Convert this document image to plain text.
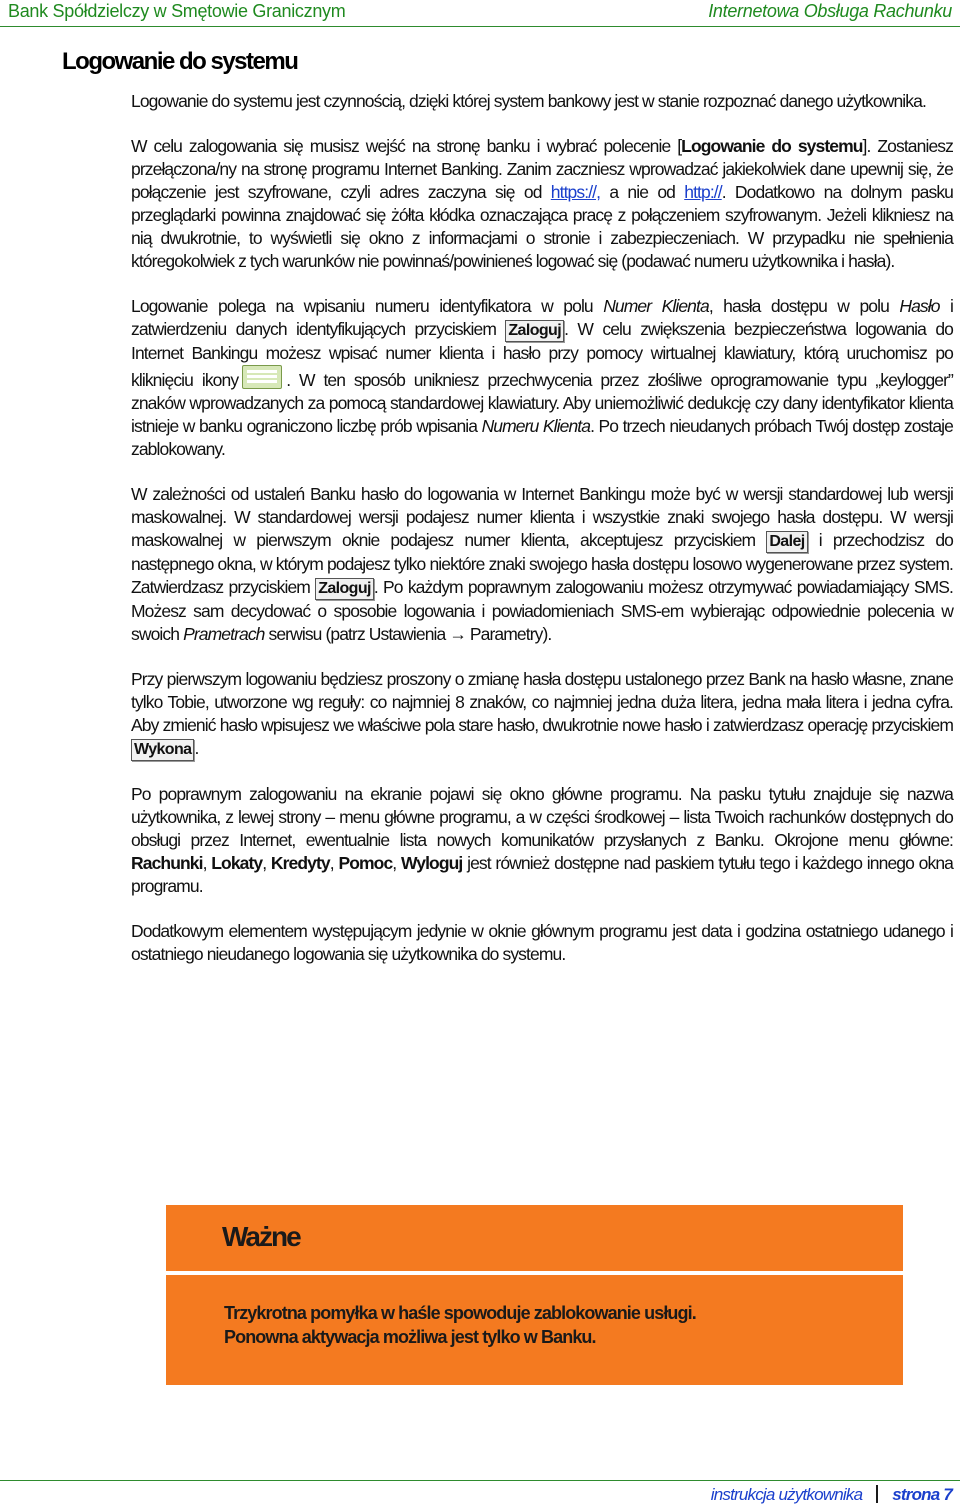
Bank Spółdzielczy w Smętowie Granicznym	Internetowa Obsługa Rachunku
Logowanie do systemu

Logowanie do systemu jest czynnością, dzięki której system bankowy jest w stanie rozpoznać danego użytkownika.

W celu zalogowania się musisz wejść na stronę banku i wybrać polecenie [Logowanie do systemu]. Zostaniesz przełączona/ny na stronę programu Internet Banking. Zanim zaczniesz wprowadzać jakiekolwiek dane upewnij się, że połączenie jest szyfrowane, czyli adres zaczyna się od https://, a nie od http://. Dodatkowo na dolnym pasku przeglądarki powinna znajdować się żółta kłódka oznaczająca pracę z połączeniem szyfrowanym. Jeżeli klikniesz na nią dwukrotnie, to wyświetli się okno z informacjami o stronie i zabezpieczeniach. W przypadku nie spełnienia któregokolwiek z tych warunków nie powinnaś/powinieneś logować się (podawać numeru użytkownika i hasła).

Logowanie polega na wpisaniu numeru identyfikatora w polu Numer Klienta, hasła dostępu w polu Hasło i zatwierdzeniu danych identyfikujących przyciskiem Zaloguj . W celu zwiększenia bezpieczeństwa logowania do Internet Bankingu możesz wpisać numer klienta i hasło przy pomocy wirtualnej klawiatury, którą uruchomisz po kliknięciu ikony	. W ten sposób unikniesz przechwycenia przez złośliwe oprogramowanie typu „keylogger” znaków wprowadzanych za pomocą standardowej klawiatury. Aby uniemożliwić dedukcję czy dany identyfikator klienta istnieje w banku ograniczono liczbę prób wpisania Numeru Klienta. Po trzech nieudanych próbach Twój dostęp zostaje zablokowany.

W zależności od ustaleń Banku hasło do logowania w Internet Bankingu może być w wersji standardowej lub wersji maskowalnej. W standardowej wersji podajesz numer klienta i wszystkie znaki swojego hasła dostępu. W wersji maskowalnej w pierwszym oknie podajesz numer klienta, akceptujesz przyciskiem Dalej i przechodzisz do następnego okna, w którym podajesz tylko niektóre znaki swojego hasła dostępu losowo wygenerowane przez system. Zatwierdzasz przyciskiem Zaloguj . Po każdym poprawnym zalogowaniu możesz otrzymywać powiadamiający SMS. Możesz sam decydować o sposobie logowania i powiadomieniach SMS-em wybierając odpowiednie polecenia w swoich Prametrach serwisu (patrz Ustawienia → Parametry).

Przy pierwszym logowaniu będziesz proszony o zmianę hasła dostępu ustalonego przez Bank na hasło własne, znane tylko Tobie, utworzone wg reguły: co najmniej 8 znaków, co najmniej jedna duża litera, jedna mała litera i jedna cyfra. Aby zmienić hasło wpisujesz we właściwe pola stare hasło, dwukrotnie nowe hasło i zatwierdzasz operację przyciskiem Wykona .

Po poprawnym zalogowaniu na ekranie pojawi się okno główne programu. Na pasku tytułu znajduje się nazwa użytkownika, z lewej strony – menu główne programu, a w części środkowej – lista Twoich rachunków dostępnych do obsługi przez Internet, ewentualnie lista nowych komunikatów przysłanych z Banku. Okrojone menu główne: Rachunki, Lokaty, Kredyty, Pomoc, Wyloguj jest również dostępne nad paskiem tytułu tego i każdego innego okna programu.

Dodatkowym elementem występującym jedynie w oknie głównym programu jest data i godzina ostatniego udanego i ostatniego nieudanego logowania się użytkownika do systemu.

Ważne
Trzykrotna pomyłka w haśle spowoduje zablokowanie usługi.
Ponowna aktywacja możliwa jest tylko w Banku.
instrukcja użytkownika strona 7
